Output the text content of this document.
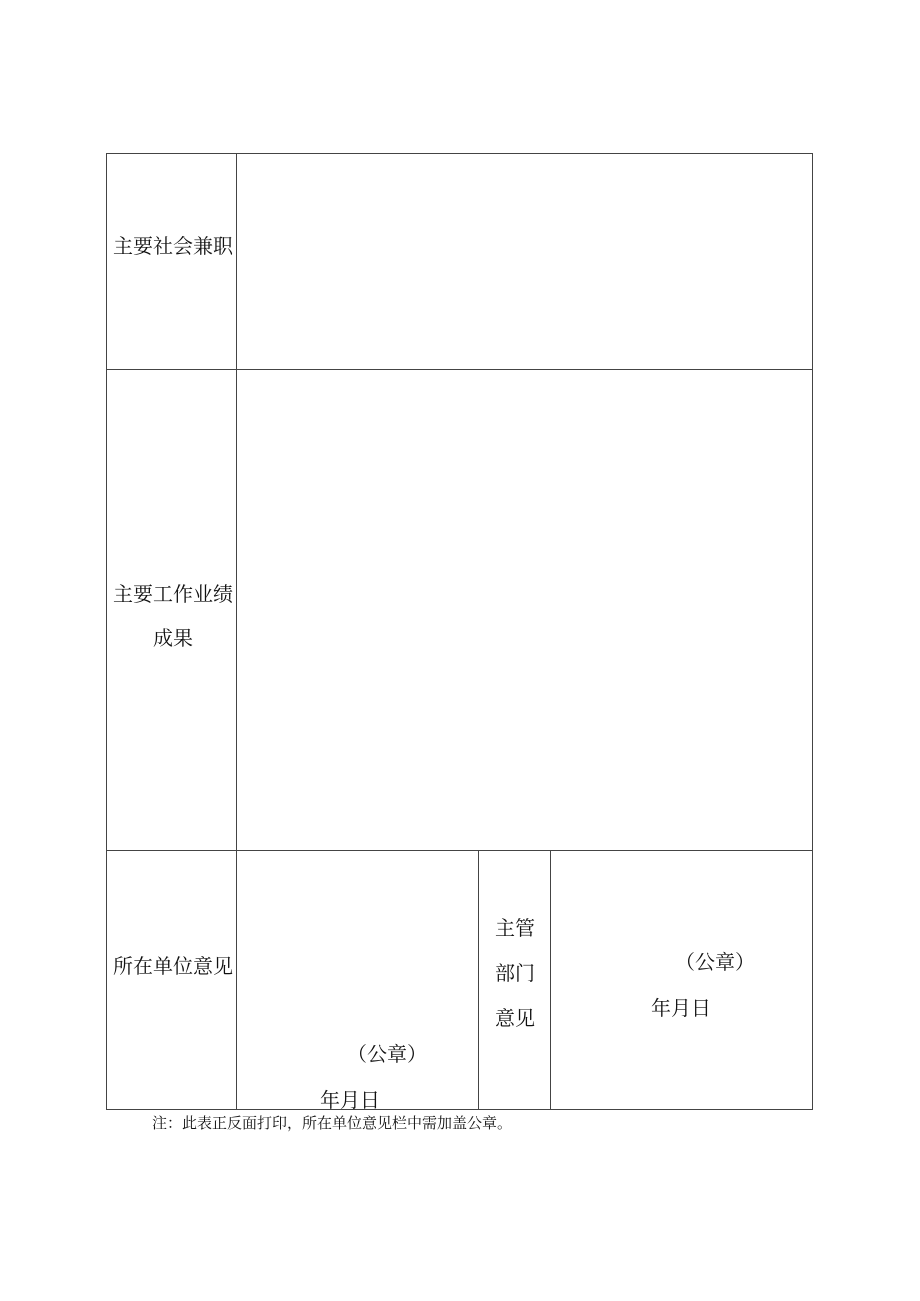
主要社会兼职
主要工作业绩成果
所在单位意见
（公章）
年月日
主管部门意见
（公章）
年月日
注：此表正反面打印，所在单位意见栏中需加盖公章。
